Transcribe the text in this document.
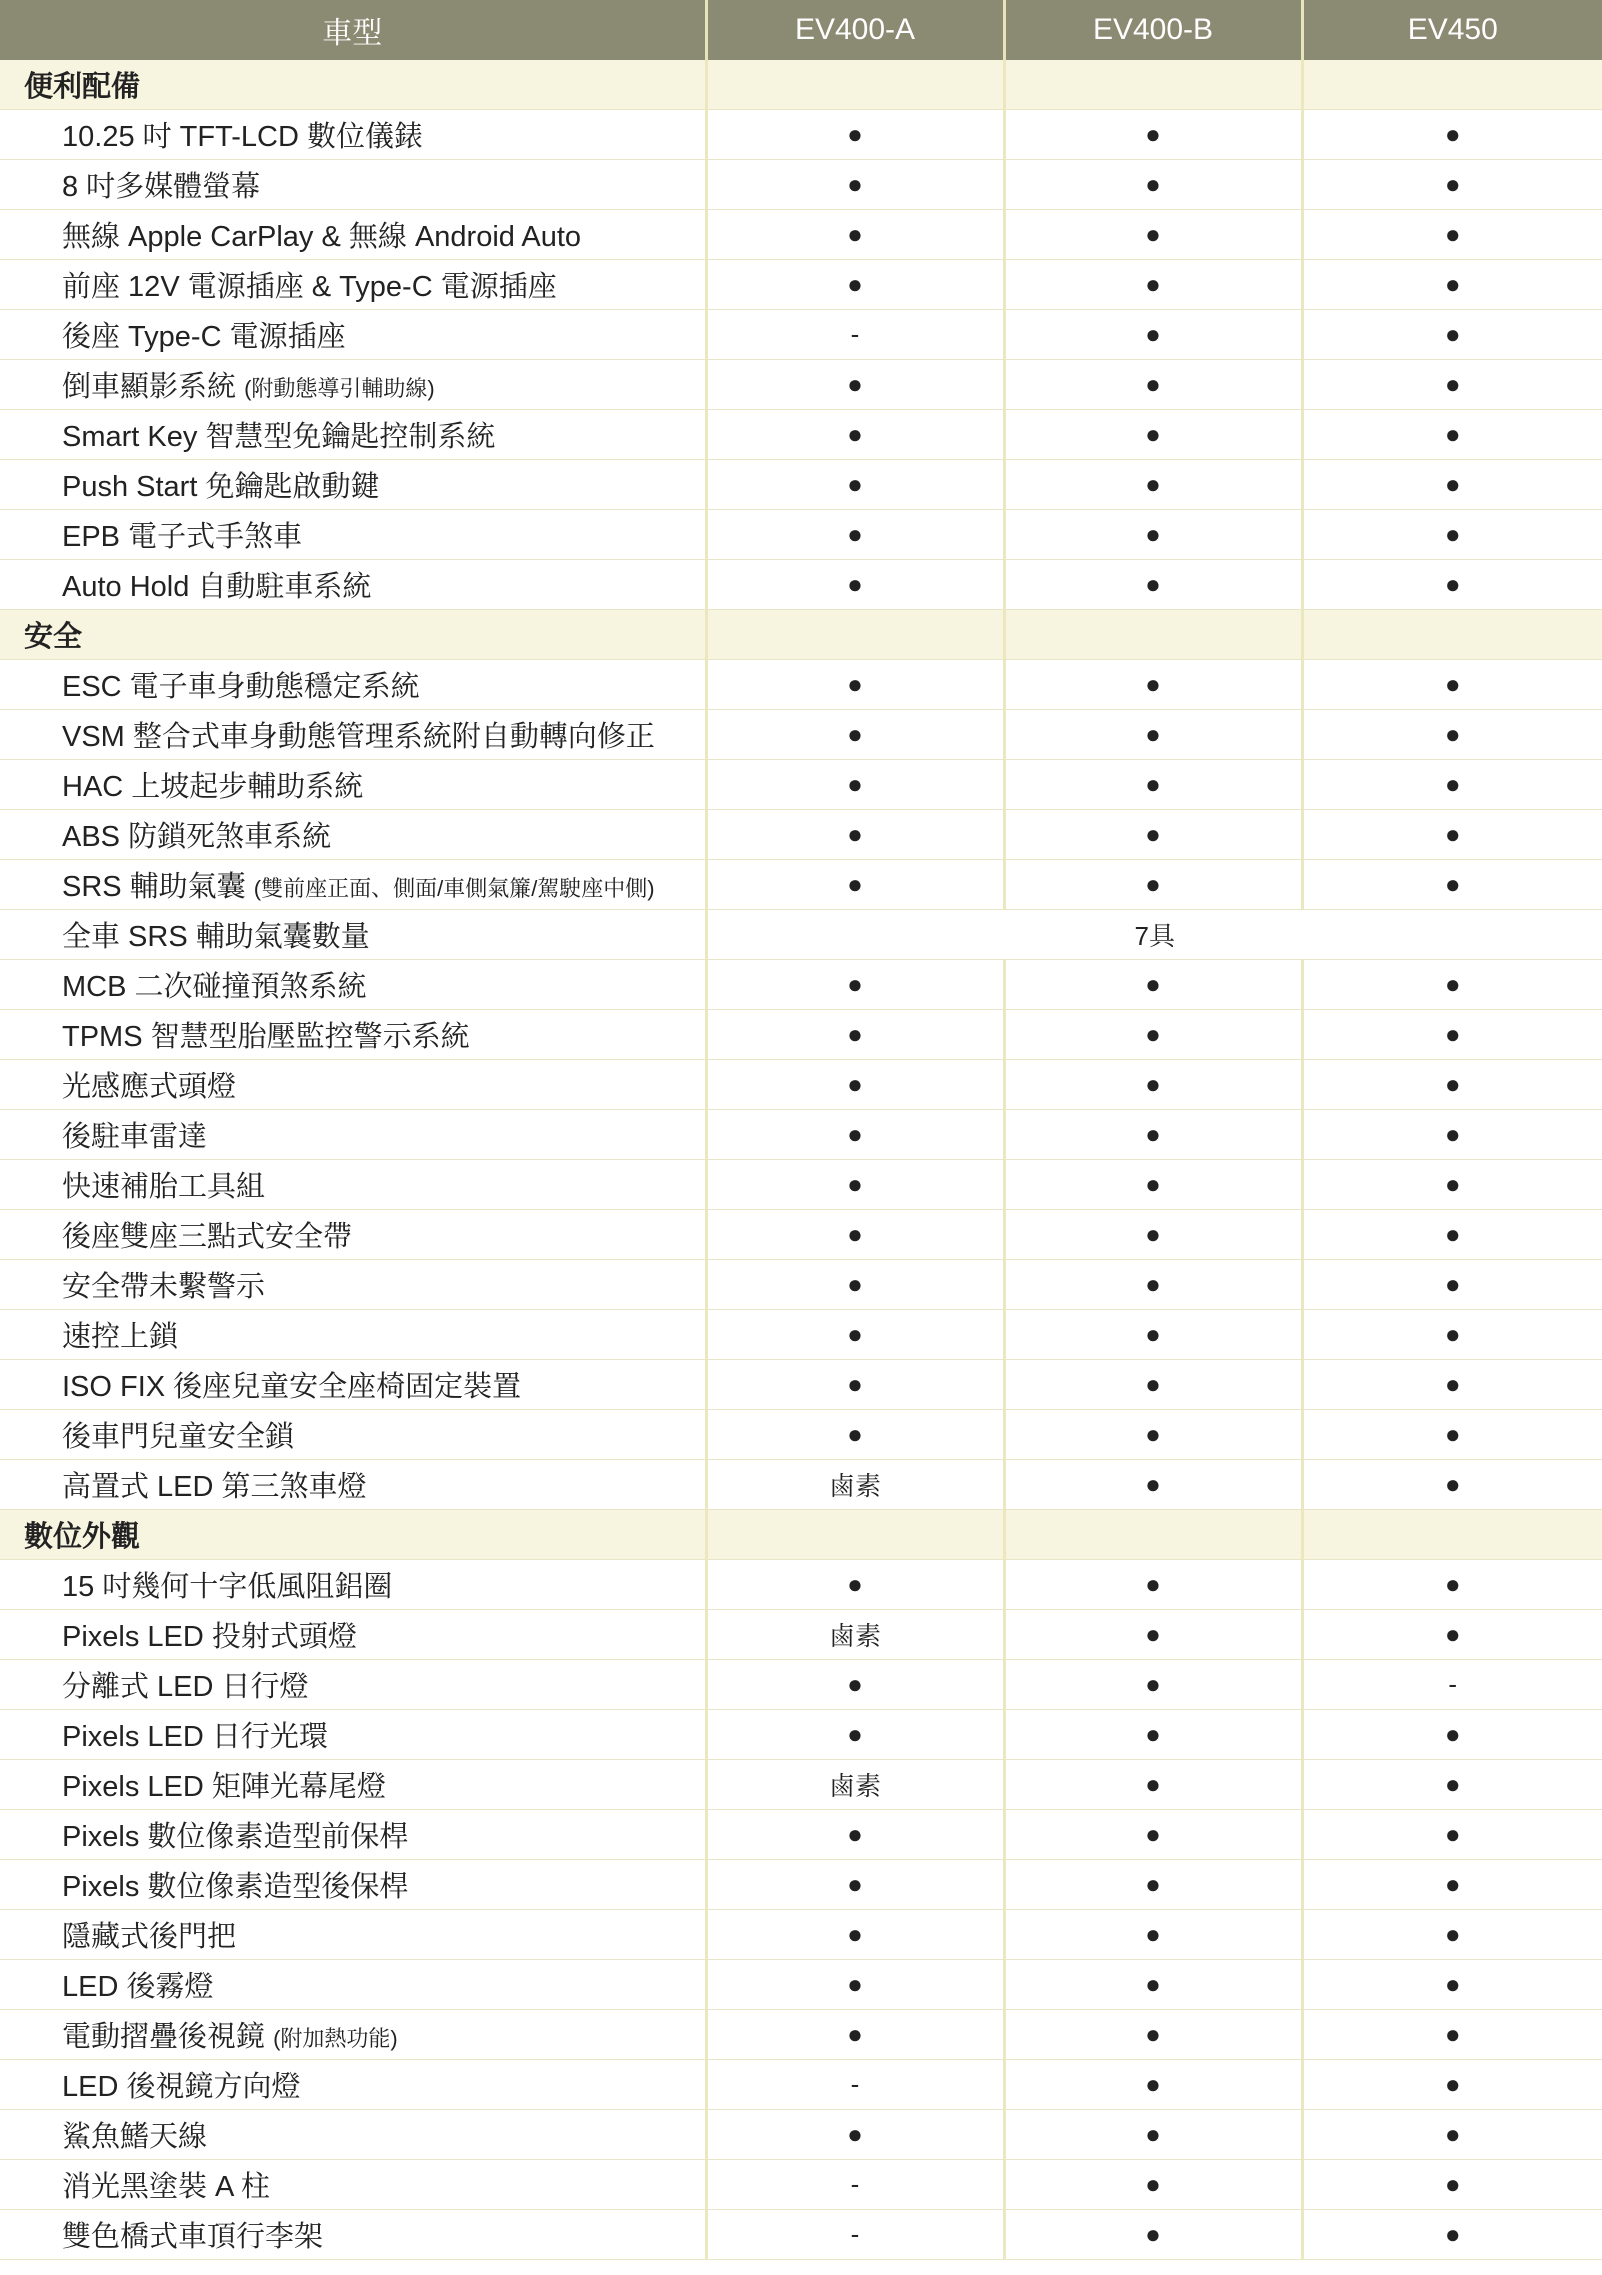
車型	EV400-A	EV400-B	EV450
便利配備			
10.25 吋 TFT-LCD 數位儀錶	●	●	●
8 吋多媒體螢幕	●	●	●
無線 Apple CarPlay & 無線 Android Auto	●	●	●
前座 12V 電源插座 & Type-C 電源插座	●	●	●
後座 Type-C 電源插座	-	●	●
倒車顯影系統 (附動態導引輔助線)	●	●	●
Smart Key 智慧型免鑰匙控制系統	●	●	●
Push Start 免鑰匙啟動鍵	●	●	●
EPB 電子式手煞車	●	●	●
Auto Hold 自動駐車系統	●	●	●
安全			
ESC 電子車身動態穩定系統	●	●	●
VSM 整合式車身動態管理系統附自動轉向修正	●	●	●
HAC 上坡起步輔助系統	●	●	●
ABS 防鎖死煞車系統	●	●	●
SRS 輔助氣囊 (雙前座正面、側面/車側氣簾/駕駛座中側)	●	●	●
全車 SRS 輔助氣囊數量	7具		
MCB 二次碰撞預煞系統	●	●	●
TPMS 智慧型胎壓監控警示系統	●	●	●
光感應式頭燈	●	●	●
後駐車雷達	●	●	●
快速補胎工具組	●	●	●
後座雙座三點式安全帶	●	●	●
安全帶未繫警示	●	●	●
速控上鎖	●	●	●
ISO FIX 後座兒童安全座椅固定裝置	●	●	●
後車門兒童安全鎖	●	●	●
高置式 LED 第三煞車燈	鹵素	●	●
數位外觀			
15 吋幾何十字低風阻鋁圈	●	●	●
Pixels LED 投射式頭燈	鹵素	●	●
分離式 LED 日行燈	●	●	-
Pixels LED 日行光環	●	●	●
Pixels LED 矩陣光幕尾燈	鹵素	●	●
Pixels 數位像素造型前保桿	●	●	●
Pixels 數位像素造型後保桿	●	●	●
隱藏式後門把	●	●	●
LED 後霧燈	●	●	●
電動摺疊後視鏡 (附加熱功能)	●	●	●
LED 後視鏡方向燈	-	●	●
鯊魚鰭天線	●	●	●
消光黑塗裝 A 柱	-	●	●
雙色橋式車頂行李架	-	●	●
